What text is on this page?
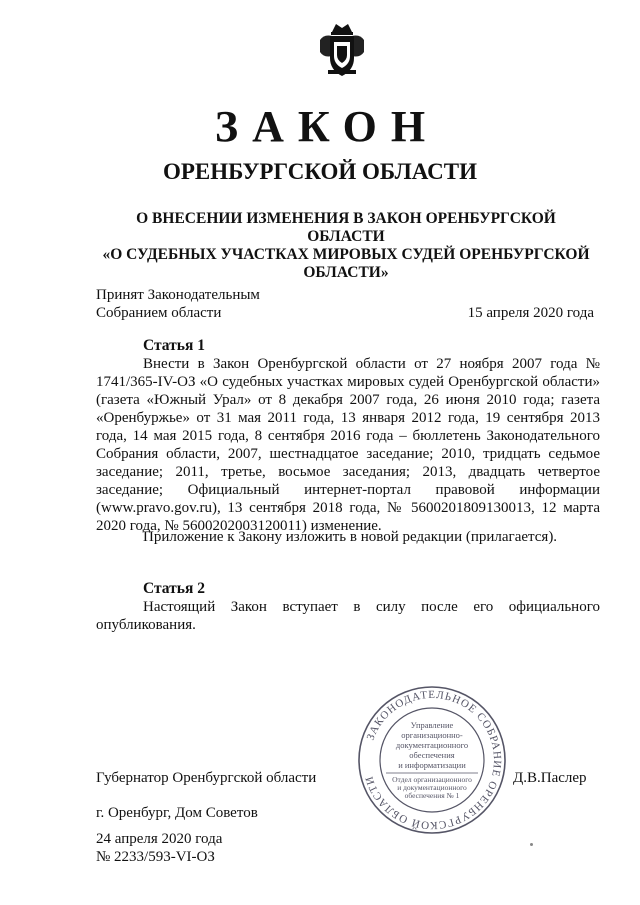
ЗАКОН
ОРЕНБУРГСКОЙ ОБЛАСТИ
О ВНЕСЕНИИ ИЗМЕНЕНИЯ В ЗАКОН ОРЕНБУРГСКОЙ ОБЛАСТИ
«О СУДЕБНЫХ УЧАСТКАХ МИРОВЫХ СУДЕЙ ОРЕНБУРГСКОЙ
ОБЛАСТИ»
Принят Законодательным
Собранием области	15 апреля 2020 года
Статья 1

Внести в Закон Оренбургской области от 27 ноября 2007 года № 1741/365-IV-ОЗ «О судебных участках мировых судей Оренбургской области» (газета «Южный Урал» от 8 декабря 2007 года, 26 июня 2010 года; газета «Оренбуржье» от 31 мая 2011 года, 13 января 2012 года, 19 сентября 2013 года, 14 мая 2015 года, 8 сентября 2016 года – бюллетень Законодательного Собрания области, 2007, шестнадцатое заседание; 2010, тридцать седьмое заседание; 2011, третье, восьмое заседания; 2013, двадцать четвертое заседание; Официальный интернет-портал правовой информации (www.pravo.gov.ru), 13 сентября 2018 года, № 5600201809130013, 12 марта 2020 года, № 5600202003120011) изменение.

Приложение к Закону изложить в новой редакции (прилагается).

Статья 2

Настоящий Закон вступает в силу после его официального опубликования.

ЗАКОНОДАТЕЛЬНОЕ СОБРАНИЕ ОРЕНБУРГСКОЙ ОБЛАСТИ
Управление
организационно-
документационного
обеспечения
и информатизации
Отдел организационного
и документационного
обеспечения № 1
Губернатор Оренбургской области	Д.В.Паслер
г. Оренбург, Дом Советов
24 апреля 2020 года
№ 2233/593-VI-ОЗ
